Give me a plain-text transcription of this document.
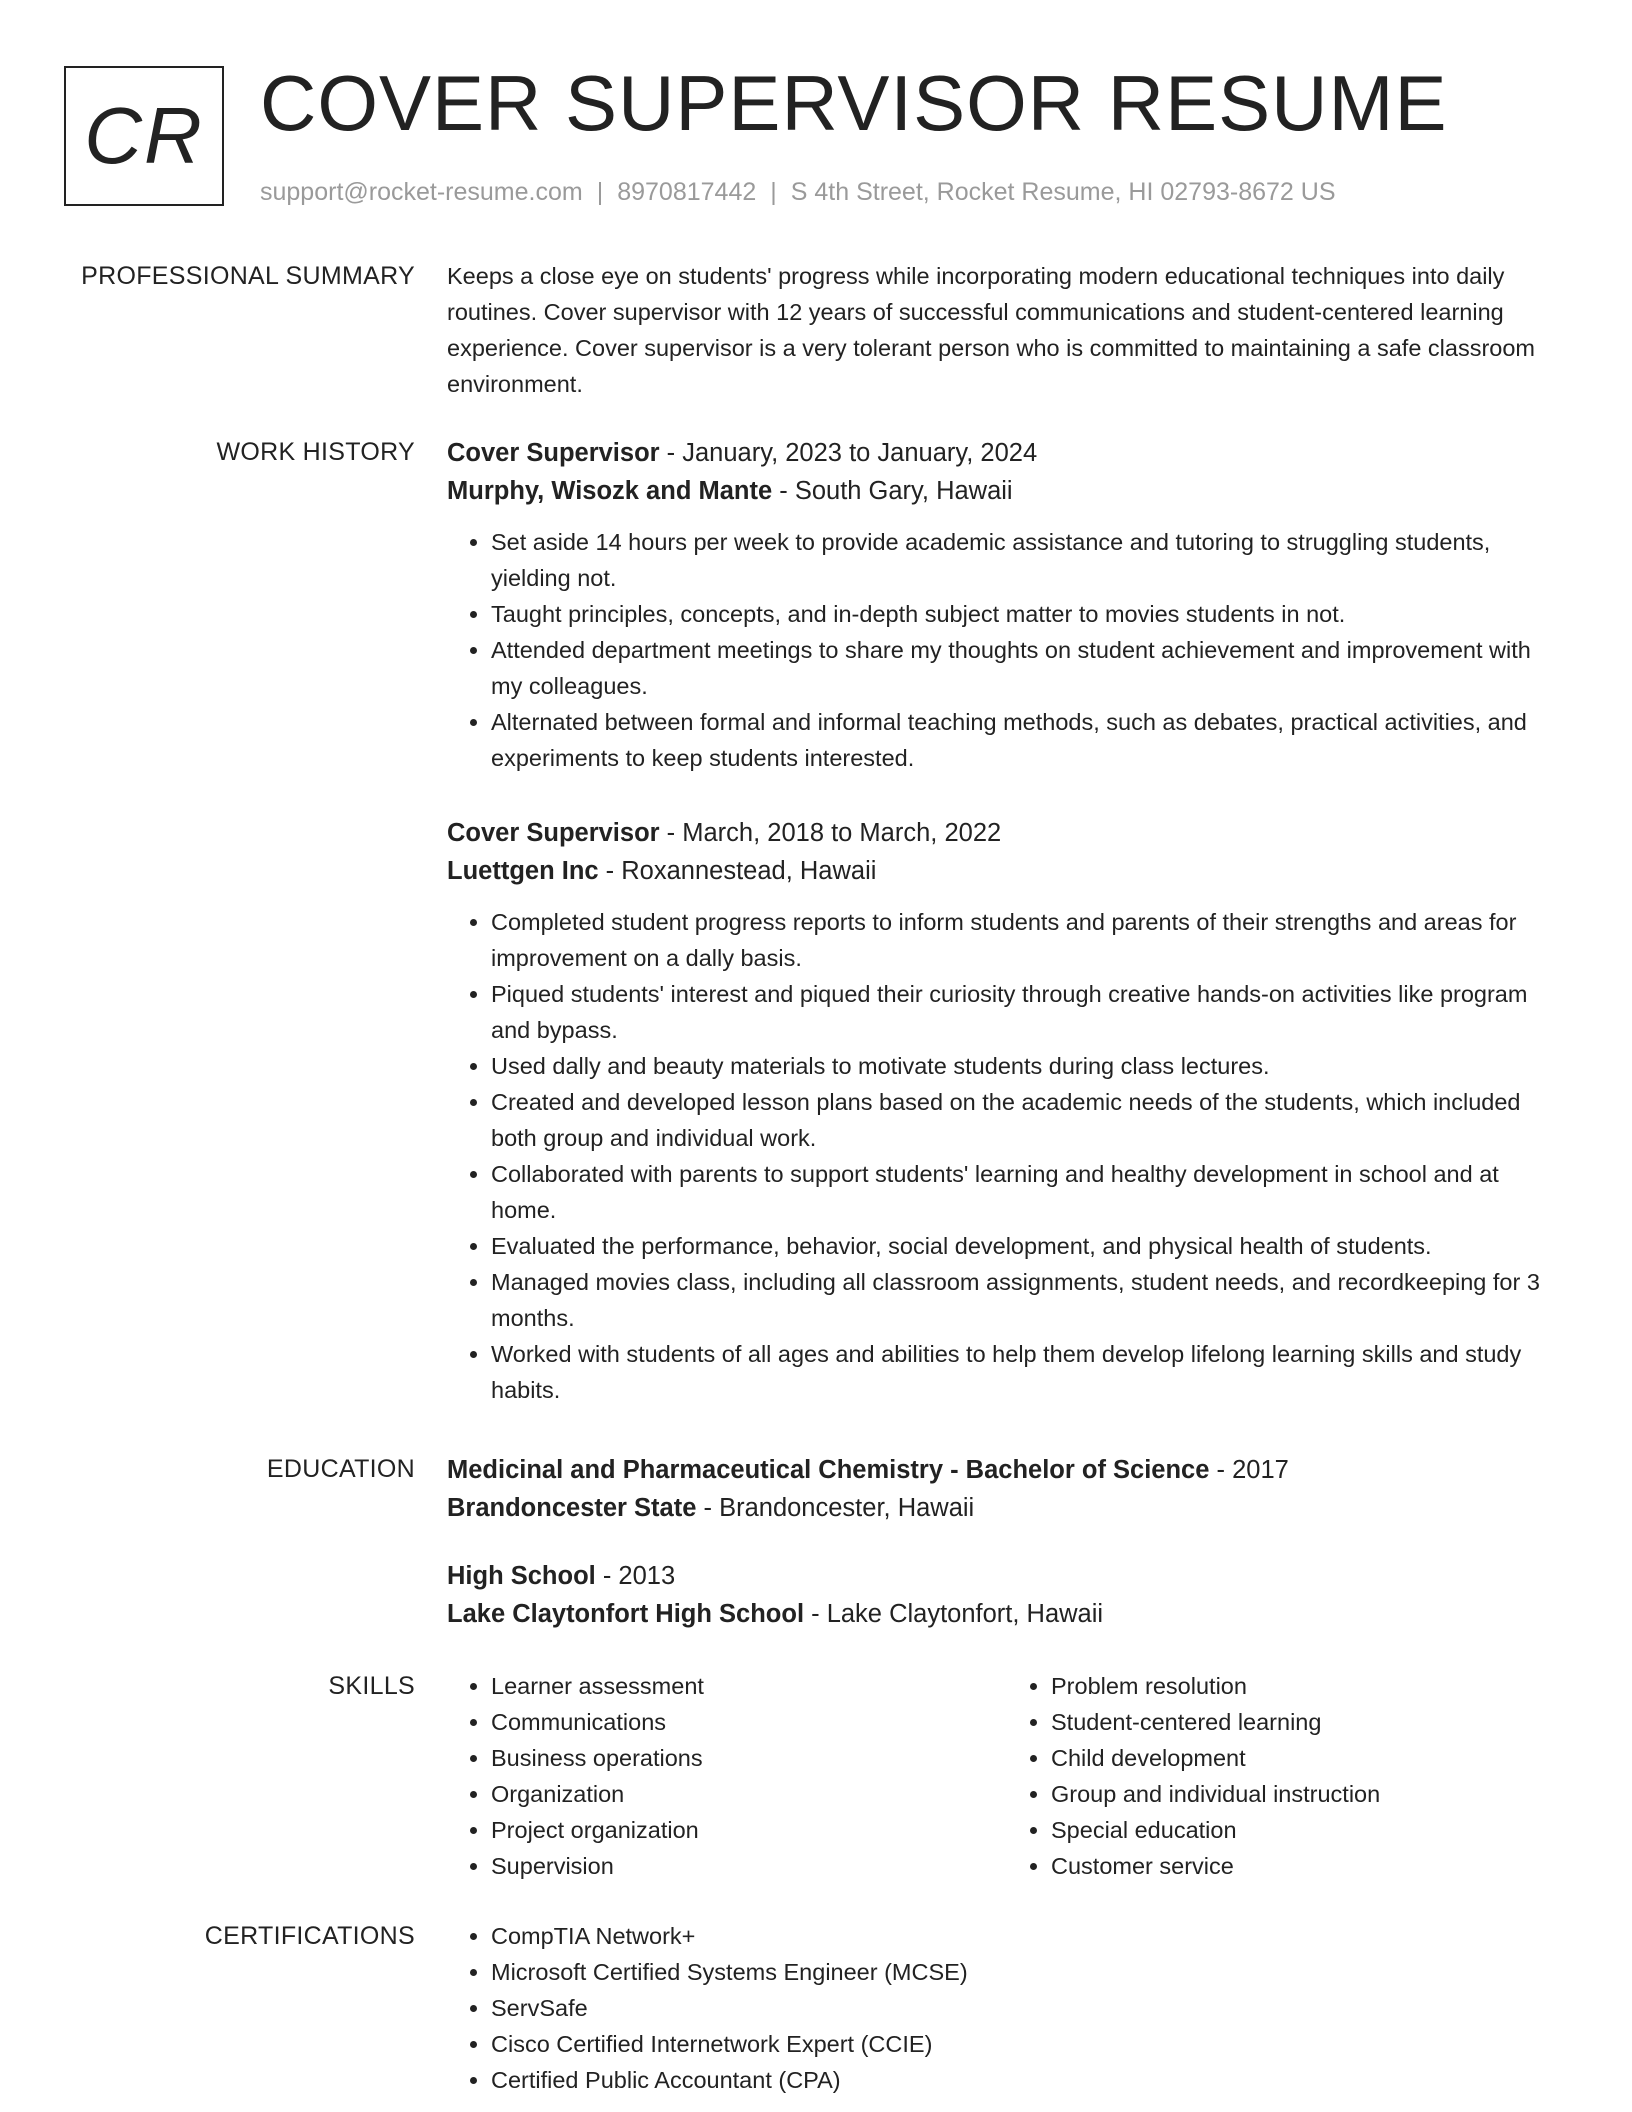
CR COVER SUPERVISOR RESUME
support@rocket-resume.com | 8970817442 | S 4th Street, Rocket Resume, HI 02793-8672 US
PROFESSIONAL SUMMARY Keeps a close eye on students' progress while incorporating modern educational techniques into daily routines. Cover supervisor with 12 years of successful communications and student-centered learning experience. Cover supervisor is a very tolerant person who is committed to maintaining a safe classroom environment.

WORK HISTORY Cover Supervisor - January, 2023 to January, 2024
Murphy, Wisozk and Mante - South Gary, Hawaii
• Set aside 14 hours per week to provide academic assistance and tutoring to struggling students, yielding not.
• Taught principles, concepts, and in-depth subject matter to movies students in not.
• Attended department meetings to share my thoughts on student achievement and improvement with my colleagues.
• Alternated between formal and informal teaching methods, such as debates, practical activities, and experiments to keep students interested.
Cover Supervisor - March, 2018 to March, 2022
Luettgen Inc - Roxannestead, Hawaii
• Completed student progress reports to inform students and parents of their strengths and areas for improvement on a dally basis.
• Piqued students' interest and piqued their curiosity through creative hands-on activities like program and bypass.
• Used dally and beauty materials to motivate students during class lectures.
• Created and developed lesson plans based on the academic needs of the students, which included both group and individual work.
• Collaborated with parents to support students' learning and healthy development in school and at home.
• Evaluated the performance, behavior, social development, and physical health of students.
• Managed movies class, including all classroom assignments, student needs, and recordkeeping for 3 months.
• Worked with students of all ages and abilities to help them develop lifelong learning skills and study habits.
EDUCATION Medicinal and Pharmaceutical Chemistry - Bachelor of Science - 2017
Brandoncester State - Brandoncester, Hawaii
High School - 2013
Lake Claytonfort High School - Lake Claytonfort, Hawaii
SKILLS	• Learner assessment
• Communications
• Business operations
• Organization
• Project organization
• Supervision
• Problem resolution
• Student-centered learning
• Child development
• Group and individual instruction
• Special education
• Customer service
CERTIFICATIONS	• CompTIA Network+
• Microsoft Certified Systems Engineer (MCSE)
• ServSafe
• Cisco Certified Internetwork Expert (CCIE)
• Certified Public Accountant (CPA)
